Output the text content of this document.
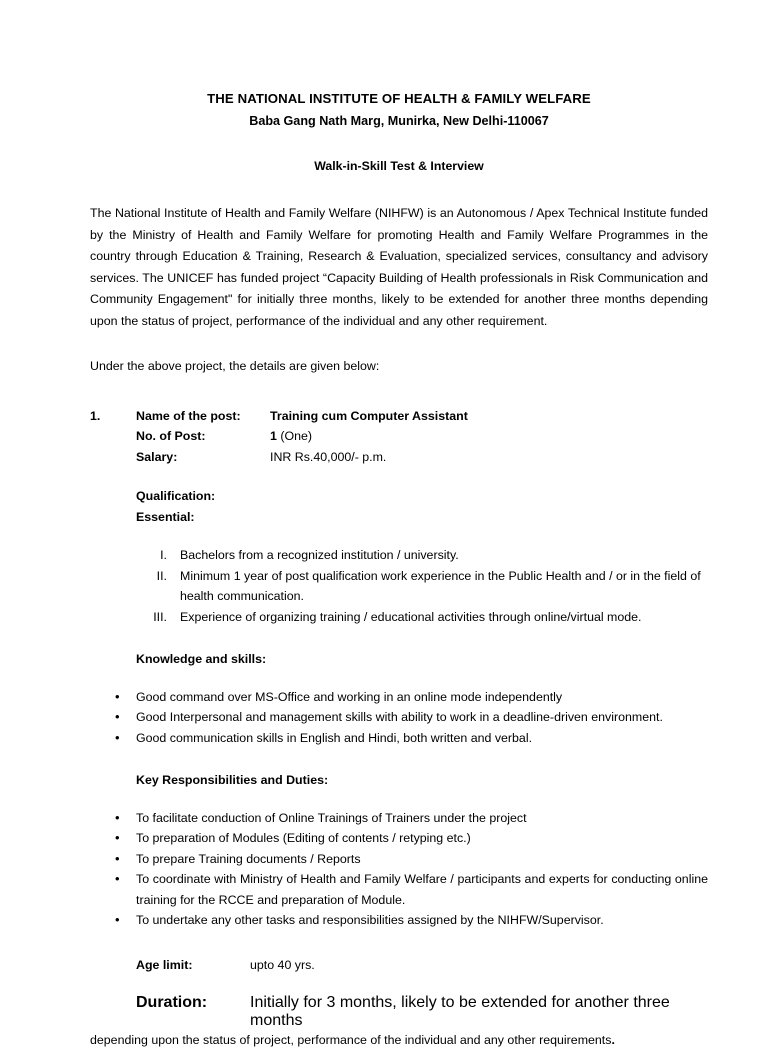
THE NATIONAL INSTITUTE OF HEALTH & FAMILY WELFARE
Baba Gang Nath Marg, Munirka, New Delhi-110067
Walk-in-Skill Test & Interview
The National Institute of Health and Family Welfare (NIHFW) is an Autonomous / Apex Technical Institute funded by the Ministry of Health and Family Welfare for promoting Health and Family Welfare Programmes in the country through Education & Training, Research & Evaluation, specialized services, consultancy and advisory services. The UNICEF has funded project “Capacity Building of Health professionals in Risk Communication and Community Engagement" for initially three months, likely to be extended for another three months depending upon the status of project, performance of the individual and any other requirement.
Under the above project, the details are given below:
1.	Name of the post:	Training cum Computer Assistant
No. of Post:	1 (One)
Salary:	INR Rs.40,000/- p.m.
Qualification:
Essential:
I.	Bachelors from a recognized institution / university.
II.	Minimum 1 year of post qualification work experience in the Public Health and / or in the field of health communication.
III.	Experience of organizing training / educational activities through online/virtual mode.
Knowledge and skills:
•	Good command over MS-Office and working in an online mode independently
•	Good Interpersonal and management skills with ability to work in a deadline-driven environment.
•	Good communication skills in English and Hindi, both written and verbal.
Key Responsibilities and Duties:
•	To facilitate conduction of Online Trainings of Trainers under the project
•	To preparation of Modules (Editing of contents / retyping etc.)
•	To prepare Training documents / Reports
•	To coordinate with Ministry of Health and Family Welfare / participants and experts for conducting online training for the RCCE and preparation of Module.
•	To undertake any other tasks and responsibilities assigned by the NIHFW/Supervisor.
Age limit:	upto 40 yrs.
Duration:	Initially for 3 months, likely to be extended for another three months
depending upon the status of project, performance of the individual and any other requirements.
